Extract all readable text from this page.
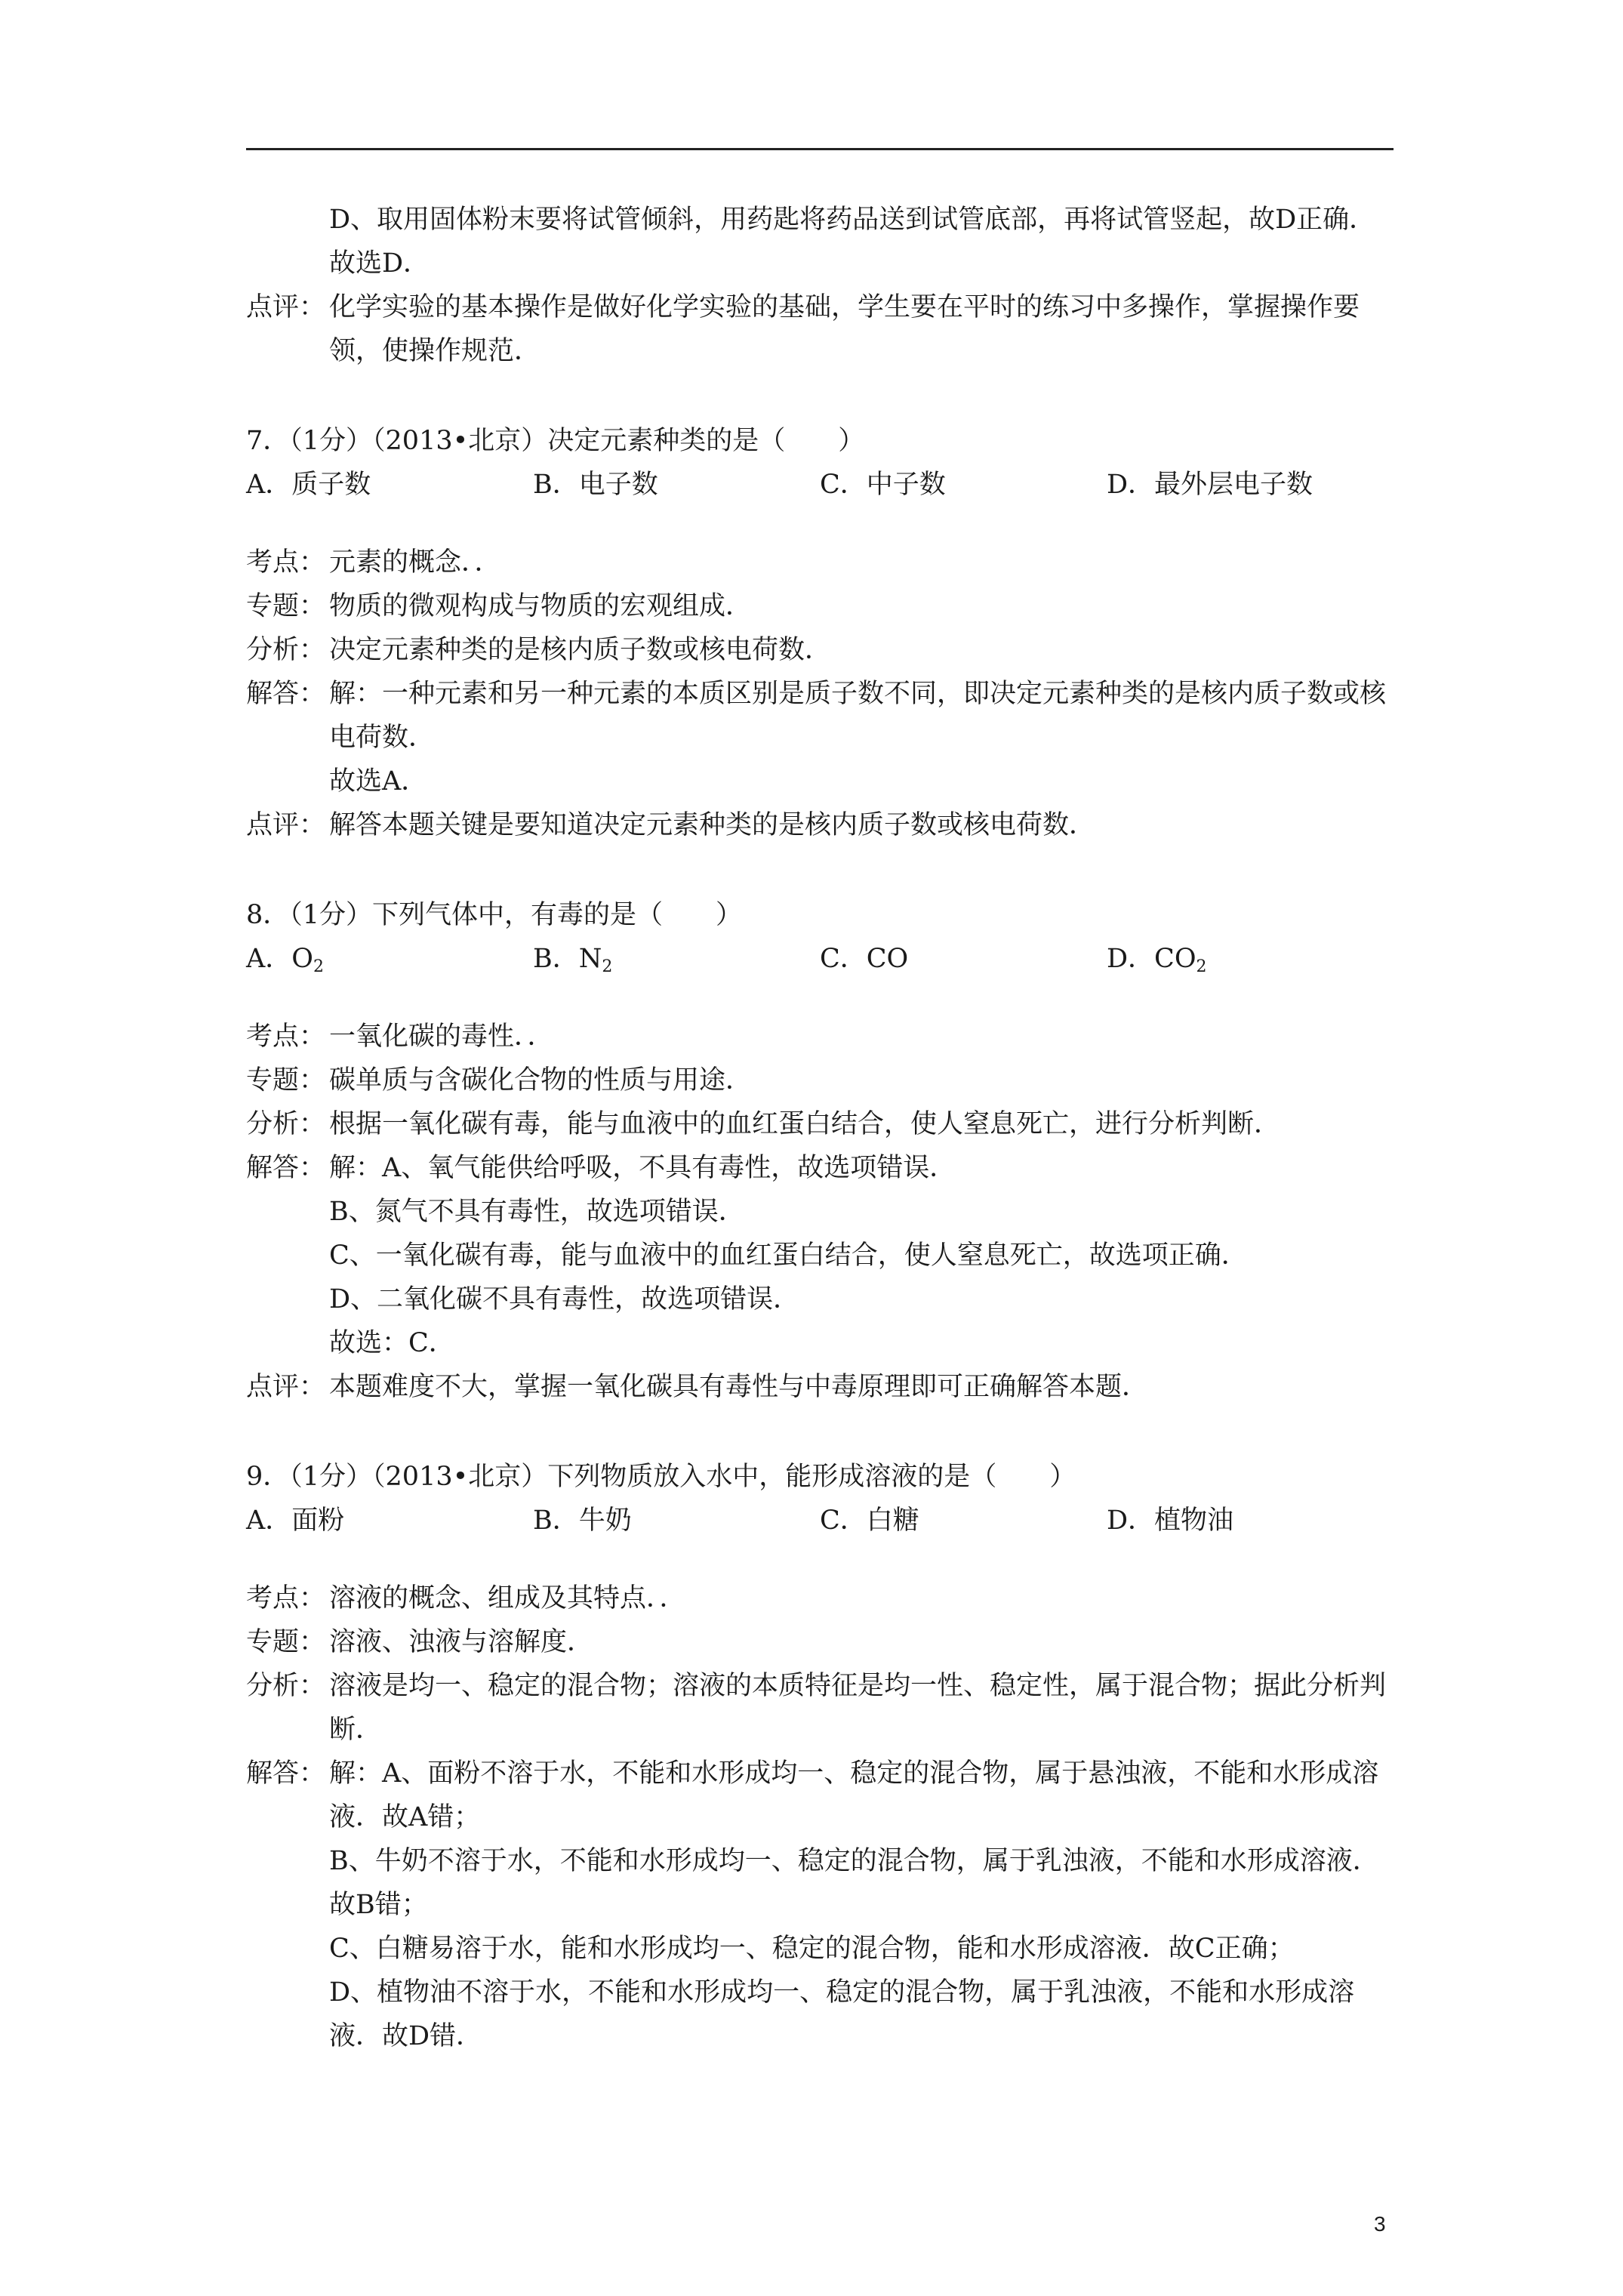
D、取用固体粉末要将试管倾斜，用药匙将药品送到试管底部，再将试管竖起，故D正确．
故选D．
点评： 化学实验的基本操作是做好化学实验的基础，学生要在平时的练习中多操作，掌握操作要领，使操作规范．
7．（1分）（2013•北京）决定元素种类的是（　　）
A．质子数	B．电子数	C．中子数	D．最外层电子数
考点： 元素的概念．．
专题： 物质的微观构成与物质的宏观组成．
分析： 决定元素种类的是核内质子数或核电荷数．
解答： 解：一种元素和另一种元素的本质区别是质子数不同，即决定元素种类的是核内质子数或核电荷数．
故选A．
点评： 解答本题关键是要知道决定元素种类的是核内质子数或核电荷数．
8．（1分）下列气体中，有毒的是（　　）
A．$O_2$	B．$N_2$	C．CO	D．$CO_2$
考点： 一氧化碳的毒性．．
专题： 碳单质与含碳化合物的性质与用途．
分析： 根据一氧化碳有毒，能与血液中的血红蛋白结合，使人窒息死亡，进行分析判断．
解答： 解：A、氧气能供给呼吸，不具有毒性，故选项错误．
B、氮气不具有毒性，故选项错误．
C、一氧化碳有毒，能与血液中的血红蛋白结合，使人窒息死亡，故选项正确．
D、二氧化碳不具有毒性，故选项错误．
故选：C．
点评： 本题难度不大，掌握一氧化碳具有毒性与中毒原理即可正确解答本题．
9．（1分）（2013•北京）下列物质放入水中，能形成溶液的是（　　）
A．面粉	B．牛奶	C．白糖	D．植物油
考点： 溶液的概念、组成及其特点．．
专题： 溶液、浊液与溶解度．
分析： 溶液是均一、稳定的混合物；溶液的本质特征是均一性、稳定性，属于混合物；据此分析判断．
解答： 解：A、面粉不溶于水，不能和水形成均一、稳定的混合物，属于悬浊液，不能和水形成溶液．故A错；
B、牛奶不溶于水，不能和水形成均一、稳定的混合物，属于乳浊液，不能和水形成溶液．故B错；
C、白糖易溶于水，能和水形成均一、稳定的混合物，能和水形成溶液．故C正确；
D、植物油不溶于水，不能和水形成均一、稳定的混合物，属于乳浊液，不能和水形成溶液．故D错．
3
